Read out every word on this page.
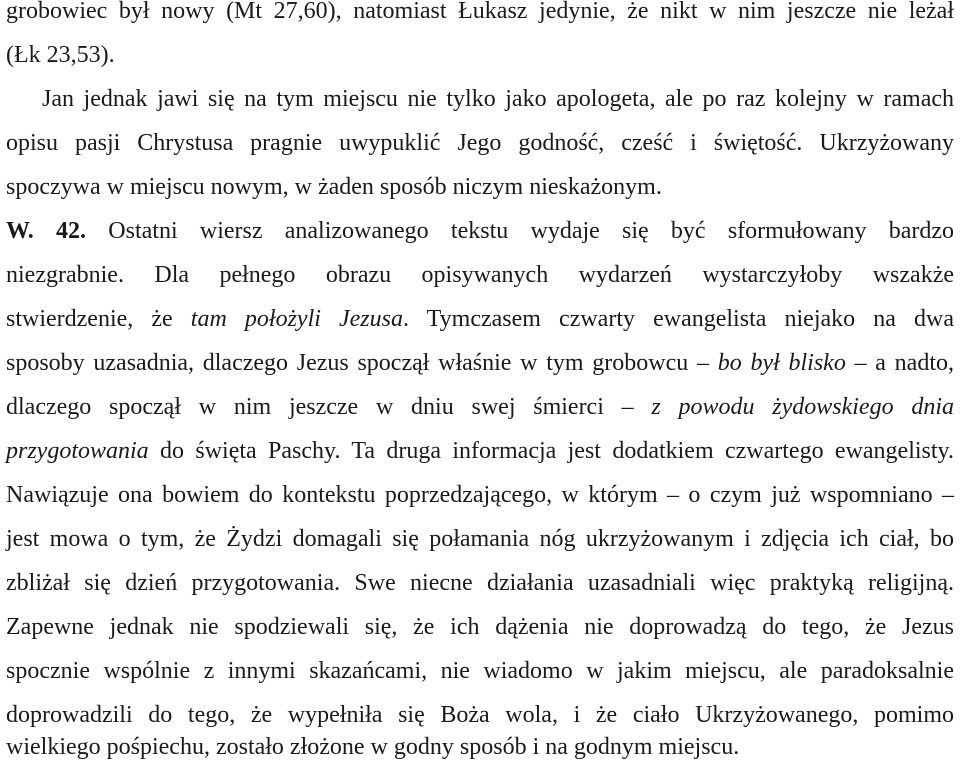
grobowiec był nowy (Mt 27,60), natomiast Łukasz jedynie, że nikt w nim jeszcze nie leżał
(Łk 23,53).
Jan jednak jawi się na tym miejscu nie tylko jako apologeta, ale po raz kolejny w ramach
opisu pasji Chrystusa pragnie uwypuklić Jego godność, cześć i świętość. Ukrzyżowany
spoczywa w miejscu nowym, w żaden sposób niczym nieskażonym.
W. 42. Ostatni wiersz analizowanego tekstu wydaje się być sformułowany bardzo
niezgrabnie. Dla pełnego obrazu opisywanych wydarzeń wystarczyłoby wszakże
stwierdzenie, że tam położyli Jezusa. Tymczasem czwarty ewangelista niejako na dwa
sposoby uzasadnia, dlaczego Jezus spoczął właśnie w tym grobowcu – bo był blisko – a nadto,
dlaczego spoczął w nim jeszcze w dniu swej śmierci – z powodu żydowskiego dnia
przygotowania do święta Paschy. Ta druga informacja jest dodatkiem czwartego ewangelisty.
Nawiązuje ona bowiem do kontekstu poprzedzającego, w którym – o czym już wspomniano –
jest mowa o tym, że Żydzi domagali się połamania nóg ukrzyżowanym i zdjęcia ich ciał, bo
zbliżał się dzień przygotowania. Swe niecne działania uzasadniali więc praktyką religijną.
Zapewne jednak nie spodziewali się, że ich dążenia nie doprowadzą do tego, że Jezus
spocznie wspólnie z innymi skazańcami, nie wiadomo w jakim miejscu, ale paradoksalnie
doprowadzili do tego, że wypełniła się Boża wola, i że ciało Ukrzyżowanego, pomimo
wielkiego pośpiechu, zostało złożone w godny sposób i na godnym miejscu.
